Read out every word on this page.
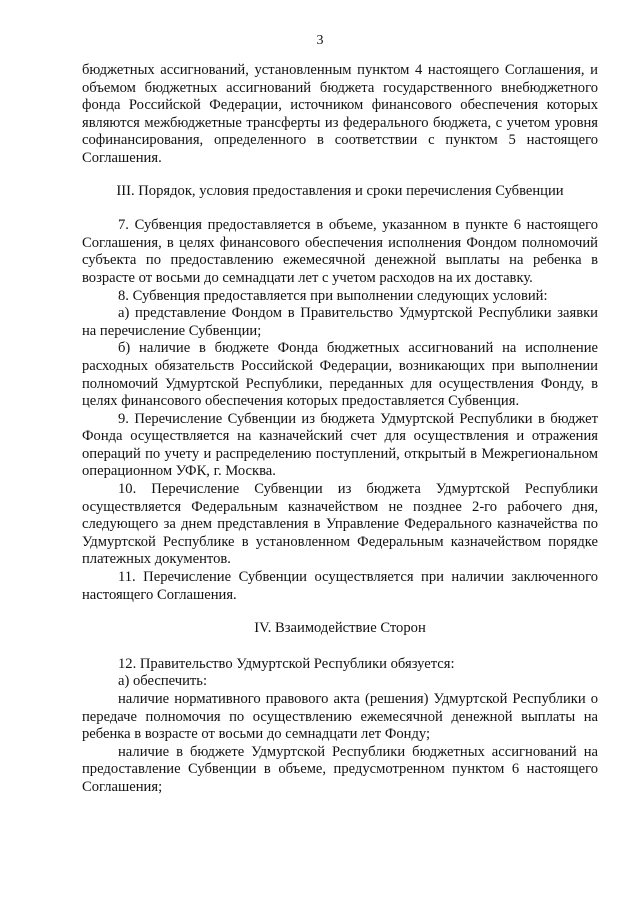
3

бюджетных ассигнований, установленным пунктом 4 настоящего Соглашения, и объемом бюджетных ассигнований бюджета государственного внебюджетного фонда Российской Федерации, источником финансового обеспечения которых являются межбюджетные трансферты из федерального бюджета, с учетом уровня софинансирования, определенного в соответствии с пунктом 5 настоящего Соглашения.

III. Порядок, условия предоставления и сроки перечисления Субвенции

7. Субвенция предоставляется в объеме, указанном в пункте 6 настоящего Соглашения, в целях финансового обеспечения исполнения Фондом полномочий субъекта по предоставлению ежемесячной денежной выплаты на ребенка в возрасте от восьми до семнадцати лет с учетом расходов на их доставку.

8. Субвенция предоставляется при выполнении следующих условий:

а) представление Фондом в Правительство Удмуртской Республики заявки на перечисление Субвенции;

б) наличие в бюджете Фонда бюджетных ассигнований на исполнение расходных обязательств Российской Федерации, возникающих при выполнении полномочий Удмуртской Республики, переданных для осуществления Фонду, в целях финансового обеспечения которых предоставляется Субвенция.

9. Перечисление Субвенции из бюджета Удмуртской Республики в бюджет Фонда осуществляется на казначейский счет для осуществления и отражения операций по учету и распределению поступлений, открытый в Межрегиональном операционном УФК, г. Москва.

10. Перечисление Субвенции из бюджета Удмуртской Республики осуществляется Федеральным казначейством не позднее 2-го рабочего дня, следующего за днем представления в Управление Федерального казначейства по Удмуртской Республике в установленном Федеральным казначейством порядке платежных документов.

11. Перечисление Субвенции осуществляется при наличии заключенного настоящего Соглашения.

IV. Взаимодействие Сторон

12. Правительство Удмуртской Республики обязуется:

а) обеспечить:

наличие нормативного правового акта (решения) Удмуртской Республики о передаче полномочия по осуществлению ежемесячной денежной выплаты на ребенка в возрасте от восьми до семнадцати лет Фонду;

наличие в бюджете Удмуртской Республики бюджетных ассигнований на предоставление Субвенции в объеме, предусмотренном пунктом 6 настоящего Соглашения;
